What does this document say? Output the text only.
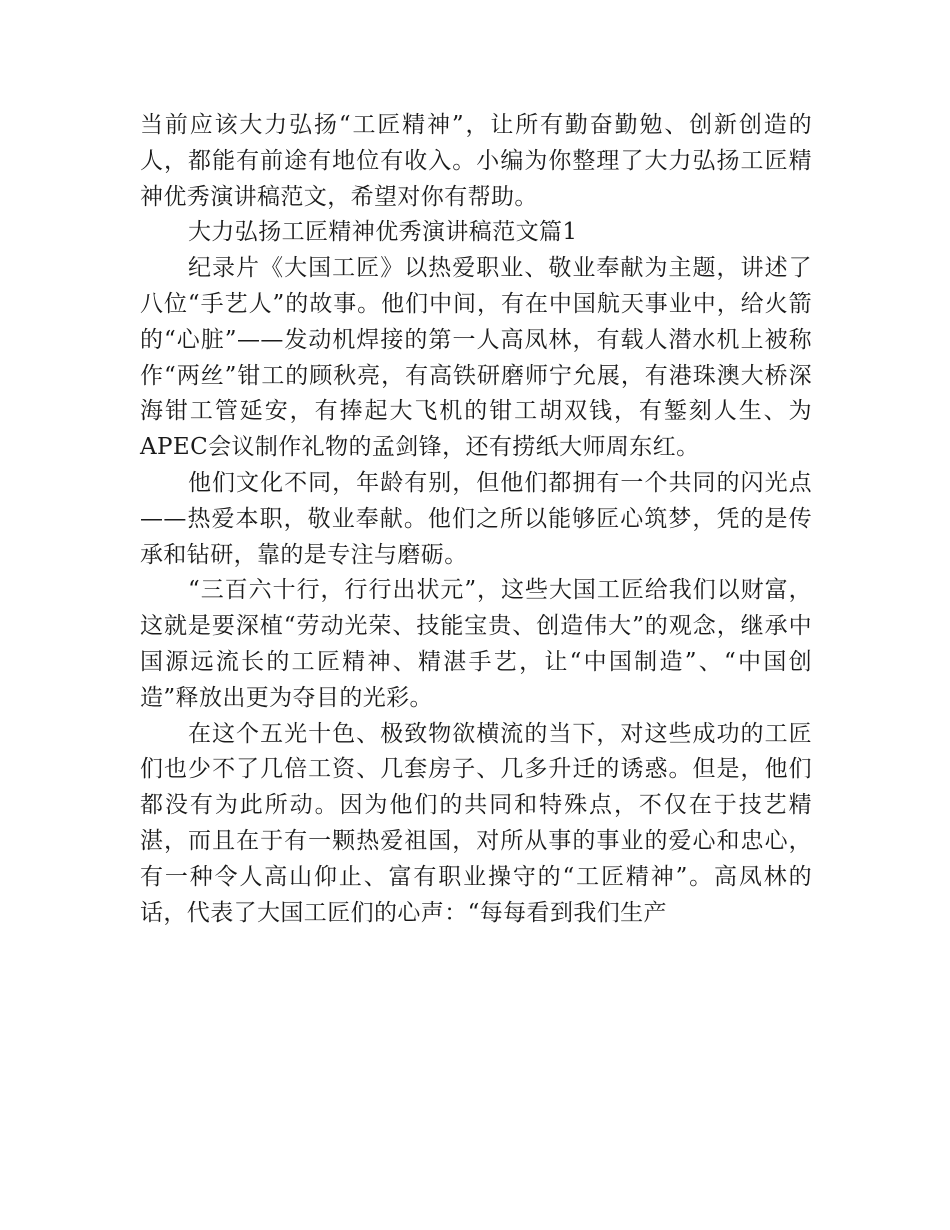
当前应该大力弘扬“工匠精神”，让所有勤奋勤勉、创新创造的人，都能有前途有地位有收入。小编为你整理了大力弘扬工匠精神优秀演讲稿范文，希望对你有帮助。

大力弘扬工匠精神优秀演讲稿范文篇1

纪录片《大国工匠》以热爱职业、敬业奉献为主题，讲述了八位“手艺人”的故事。他们中间，有在中国航天事业中，给火箭的“心脏”——发动机焊接的第一人高凤林，有载人潜水机上被称作“两丝”钳工的顾秋亮，有高铁研磨师宁允展，有港珠澳大桥深海钳工管延安，有捧起大飞机的钳工胡双钱，有錾刻人生、为 APEC会议制作礼物的孟剑锋，还有捞纸大师周东红。

他们文化不同，年龄有别，但他们都拥有一个共同的闪光点——热爱本职，敬业奉献。他们之所以能够匠心筑梦，凭的是传承和钻研，靠的是专注与磨砺。

“三百六十行，行行出状元”，这些大国工匠给我们以财富，这就是要深植“劳动光荣、技能宝贵、创造伟大”的观念，继承中国源远流长的工匠精神、精湛手艺，让“中国制造”、“中国创造”释放出更为夺目的光彩。

在这个五光十色、极致物欲横流的当下，对这些成功的工匠们也少不了几倍工资、几套房子、几多升迁的诱惑。但是，他们都没有为此所动。因为他们的共同和特殊点，不仅在于技艺精湛，而且在于有一颗热爱祖国，对所从事的事业的爱心和忠心，有一种令人高山仰止、富有职业操守的“工匠精神”。高凤林的话，代表了大国工匠们的心声：“每每看到我们生产
